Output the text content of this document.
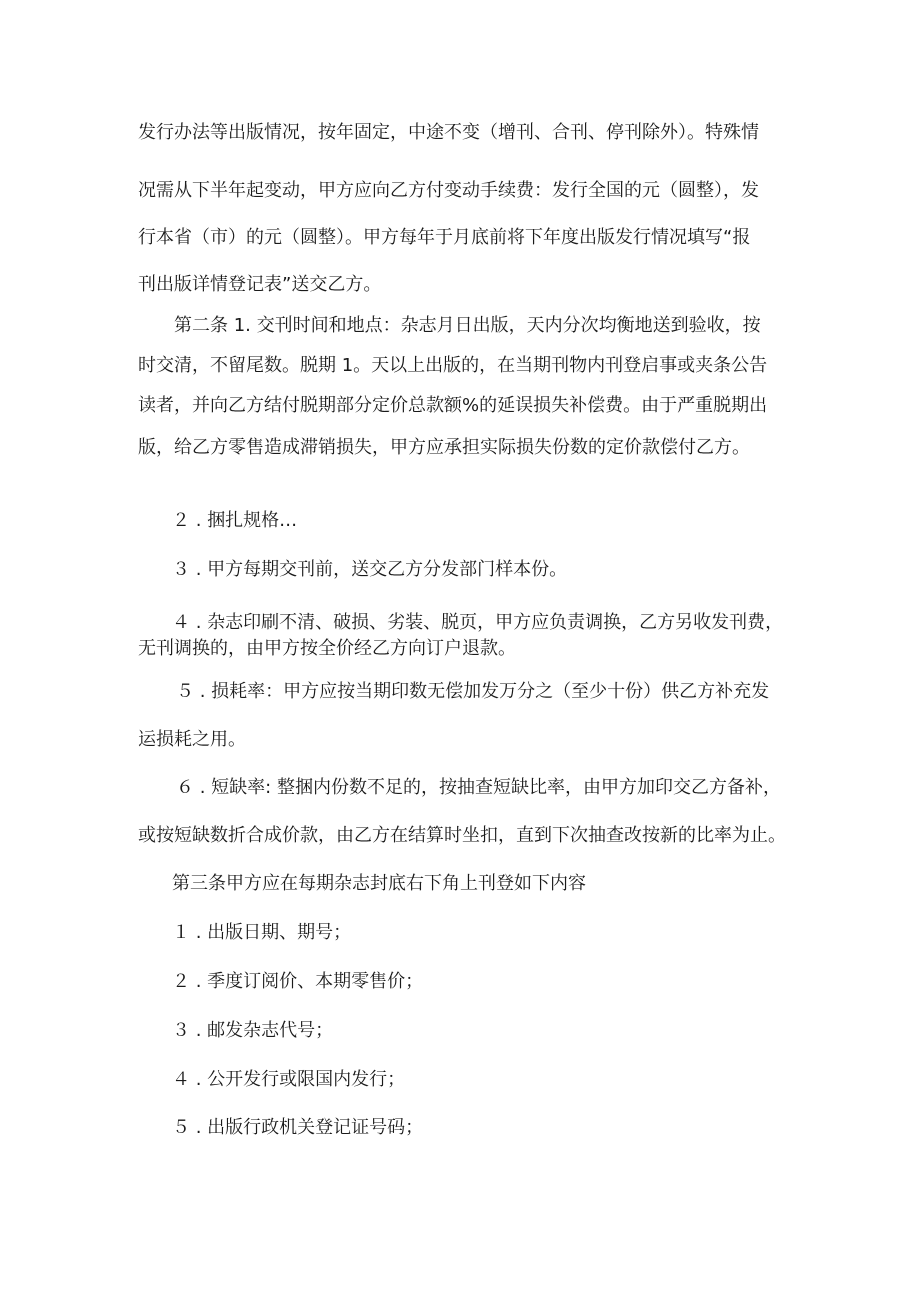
发行办法等出版情况，按年固定，中途不变（增刊、合刊、停刊除外）。特殊情
况需从下半年起变动，甲方应向乙方付变动手续费：发行全国的元（圆整），发
行本省（市）的元（圆整）。甲方每年于月底前将下年度出版发行情况填写“报
刊出版详情登记表”送交乙方。
第二条 1. 交刊时间和地点：杂志月日出版，天内分次均衡地送到验收，按
时交清，不留尾数。脱期 1。天以上出版的，在当期刊物内刊登启事或夹条公告
读者，并向乙方结付脱期部分定价总款额%的延误损失补偿费。由于严重脱期出
版，给乙方零售造成滞销损失，甲方应承担实际损失份数的定价款偿付乙方。

２ . 捆扎规格…

３ . 甲方每期交刊前，送交乙方分发部门样本份。

４ . 杂志印刷不清、破损、劣装、脱页，甲方应负责调换，乙方另收发刊费，
无刊调换的，由甲方按全价经乙方向订户退款。
５ . 损耗率：甲方应按当期印数无偿加发万分之（至少十份）供乙方补充发
运损耗之用。
６ . 短缺率: 整捆内份数不足的，按抽查短缺比率，由甲方加印交乙方备补，
或按短缺数折合成价款，由乙方在结算时坐扣，直到下次抽查改按新的比率为止。

第三条甲方应在每期杂志封底右下角上刊登如下内容

１ . 出版日期、期号；

２ . 季度订阅价、本期零售价；

３ . 邮发杂志代号；

４ . 公开发行或限国内发行；

５ . 出版行政机关登记证号码；
